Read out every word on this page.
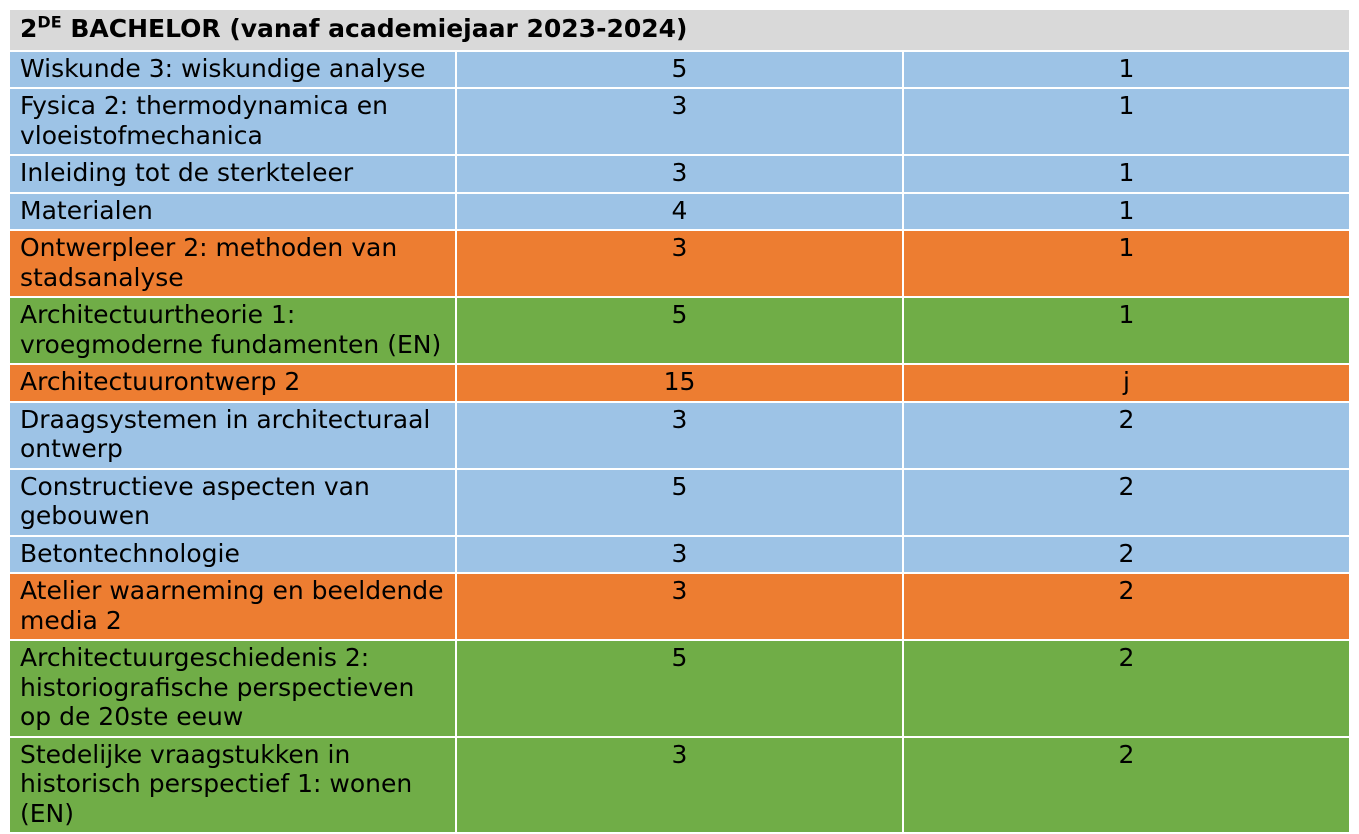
2DE BACHELOR (vanaf academiejaar 2023-2024)		
Wiskunde 3: wiskundige analyse	5	1
Fysica 2: thermodynamica en vloeistofmechanica	3	1
Inleiding tot de sterkteleer	3	1
Materialen	4	1
Ontwerpleer 2: methoden van stadsanalyse	3	1
Architectuurtheorie 1: vroegmoderne fundamenten (EN)	5	1
Architectuurontwerp 2	15	j
Draagsystemen in architecturaal ontwerp	3	2
Constructieve aspecten van gebouwen	5	2
Betontechnologie	3	2
Atelier waarneming en beeldende media 2	3	2
Architectuurgeschiedenis 2: historiografische perspectieven op de 20ste eeuw	5	2
Stedelijke vraagstukken in historisch perspectief 1: wonen (EN)	3	2
